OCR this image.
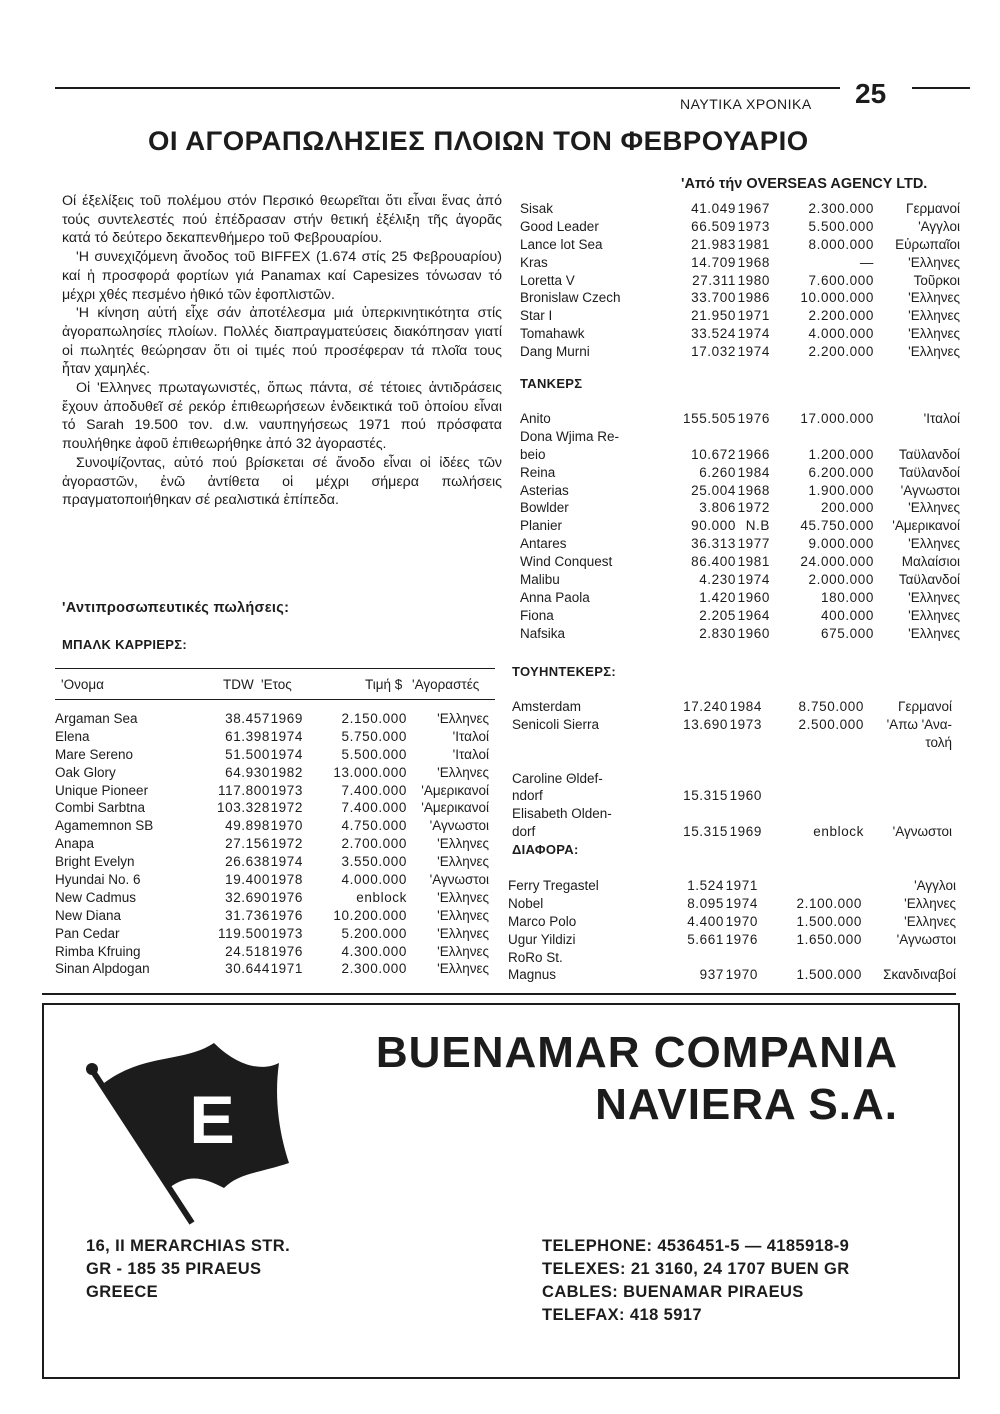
ΝΑΥΤΙΚΑ ΧΡΟΝΙΚΑ 25
ΟΙ ΑΓΟΡΑΠΩΛΗΣΙΕΣ ΠΛΟΙΩΝ ΤΟΝ ΦΕΒΡΟΥΑΡΙΟ
'Από τήν OVERSEAS AGENCY LTD.

Οί έξελίξεις τοῦ πολέμου στόν Περσικό θεωρεῖται ὅτι εἶναι ἕνας ἀπό τούς συντελεστές πού ἐπέδρασαν στήν θετική ἐξέλιξη τῆς ἀγορᾶς κατά τό δεύτερο δεκαπενθήμερο τοῦ Φεβρουαρίου.

'Η συνεχιζόμενη ἄνοδος τοῦ BIFFEX (1.674 στίς 25 Φεβρουαρίου) καί ἡ προσφορά φορτίων γιά Panamax καί Capesizes τόνωσαν τό μέχρι χθές πεσμένο ἠθικό τῶν ἐφοπλιστῶν.

'Η κίνηση αὐτή εἶχε σάν ἀποτέλεσμα μιά ὑπερκινητικότητα στίς ἀγοραπωλησίες πλοίων. Πολλές διαπραγματεύσεις διακόπησαν γιατί οἱ πωλητές θεώρησαν ὅτι οἱ τιμές πού προσέφεραν τά πλοῖα τους ἦταν χαμηλές.

Οἱ 'Ελληνες πρωταγωνιστές, ὅπως πάντα, σέ τέτοιες ἀντιδράσεις ἔχουν ἀποδυθεῖ σέ ρεκόρ ἐπιθεωρήσεων ἐνδεικτικά τοῦ ὁποίου εἶναι τό Sarah 19.500 τον. d.w. ναυπηγήσεως 1971 πού πρόσφατα πουλήθηκε ἀφοῦ ἐπιθεωρήθηκε ἀπό 32 ἀγοραστές.

Συνοψίζοντας, αὐτό πού βρίσκεται σέ ἄνοδο εἶναι οἱ ἰδέες τῶν ἀγοραστῶν, ἐνῶ ἀντίθετα οἱ μέχρι σήμερα πωλήσεις πραγματοποιήθηκαν σέ ρεαλιστικά ἐπίπεδα.

'Αντιπροσωπευτικές πωλήσεις:
ΜΠΑΛΚ ΚΑΡΡΙΕΡΣ:
'Ονομα	TDW 'Ετος	Τιμή $ 'Αγοραστές
Argaman Sea	38.457 1969	2.150.000 'Ελληνες
Elena	61.398 1974	5.750.000	'Ιταλοί
Mare Sereno	51.500 1974	5.500.000	'Ιταλοί
Oak Glory	64.930 1982 13.000.000 'Ελληνες
Unique Pioneer	117.800 1973	7.400.000 'Αμερικανοί
Combi Sarbtna	103.328 1972	7.400.000 'Αμερικανοί
Agamemnon SB	49.898 1970	4.750.000 'Αγνωστοι
Anapa	27.156 1972	2.700.000 'Ελληνες
Bright Evelyn	26.638 1974	3.550.000 'Ελληνες
Hyundai No. 6	19.400 1978	4.000.000 'Αγνωστοι
New Cadmus	32.690 1976	enblock 'Ελληνες
New Diana	31.736 1976 10.200.000 'Ελληνες
Pan Cedar	119.500 1973	5.200.000 'Ελληνες
Rimba Kfruing	24.518 1976	4.300.000 'Ελληνες
Sinan Alpdogan	30.644 1971	2.300.000 'Ελληνες
Sisak	41.049 1967	2.300.000 Γερμανοί
Good Leader	66.509 1973	5.500.000	'Αγγλοι
Lance lot Sea	21.983 1981	8.000.000 Εὐρωπαῖοι
Kras	14.709 1968	—	'Ελληνες
Loretta V	27.311 1980	7.600.000	Τοῦρκοι
Bronislaw Czech	33.700 1986 10.000.000	'Ελληνες
Star I	21.950 1971	2.200.000	'Ελληνες
Tomahawk	33.524 1974	4.000.000	'Ελληνες
Dang Murni	17.032 1974	2.200.000	'Ελληνες
ΤΑΝΚΕΡΣ
Anito	155.505 1976 17.000.000	'Ιταλοί
Dona Wjima Re-
beio	10.672 1966	1.200.000 Ταϋλανδοί
Reina	6.260 1984	6.200.000 Ταϋλανδοί
Asterias	25.004 1968	1.900.000 'Αγνωστοι
Bowlder	3.806 1972	200.000	'Ελληνες
Planier	90.000 N.B 45.750.000 'Αμερικανοί
Antares	36.313 1977	9.000.000	'Ελληνες
Wind Conquest	86.400 1981 24.000.000 Μαλαίσιοι
Malibu	4.230 1974	2.000.000 Ταϋλανδοί
Anna Paola	1.420 1960	180.000	'Ελληνες
Fiona	2.205 1964	400.000	'Ελληνες
Nafsika	2.830 1960	675.000	'Ελληνες
ΤΟΥΗΝΤΕΚΕΡΣ:
Amsterdam	17.240 1984	8.750.000	Γερμανοί
Senicoli Sierra	13.690 1973	2.500.000 'Απω 'Ανα-
τολή
Caroline Θldef-
ndorf	15.315 1960
Elisabeth Olden-
dorf	15.315 1969	enblock 'Αγνωστοι
ΔΙΑΦΟΡΑ:
Ferry Tregastel	1.524 1971	'Αγγλοι
Nobel	8.095 1974	2.100.000	'Ελληνες
Marco Polo	4.400 1970	1.500.000	'Ελληνες
Ugur Yildizi	5.661 1976	1.650.000	'Αγνωστοι
RoRo St.
Magnus	937 1970	1.500.000 Σκανδιναβοί
E
BUENAMAR COMPANIA
NAVIERA S.A.
16, II MERARCHIAS STR.
GR - 185 35 PIRAEUS
GREECE
TELEPHONE: 4536451-5 — 4185918-9
TELEXES: 21 3160, 24 1707 BUEN GR
CABLES: BUENAMAR PIRAEUS
TELEFAX: 418 5917
